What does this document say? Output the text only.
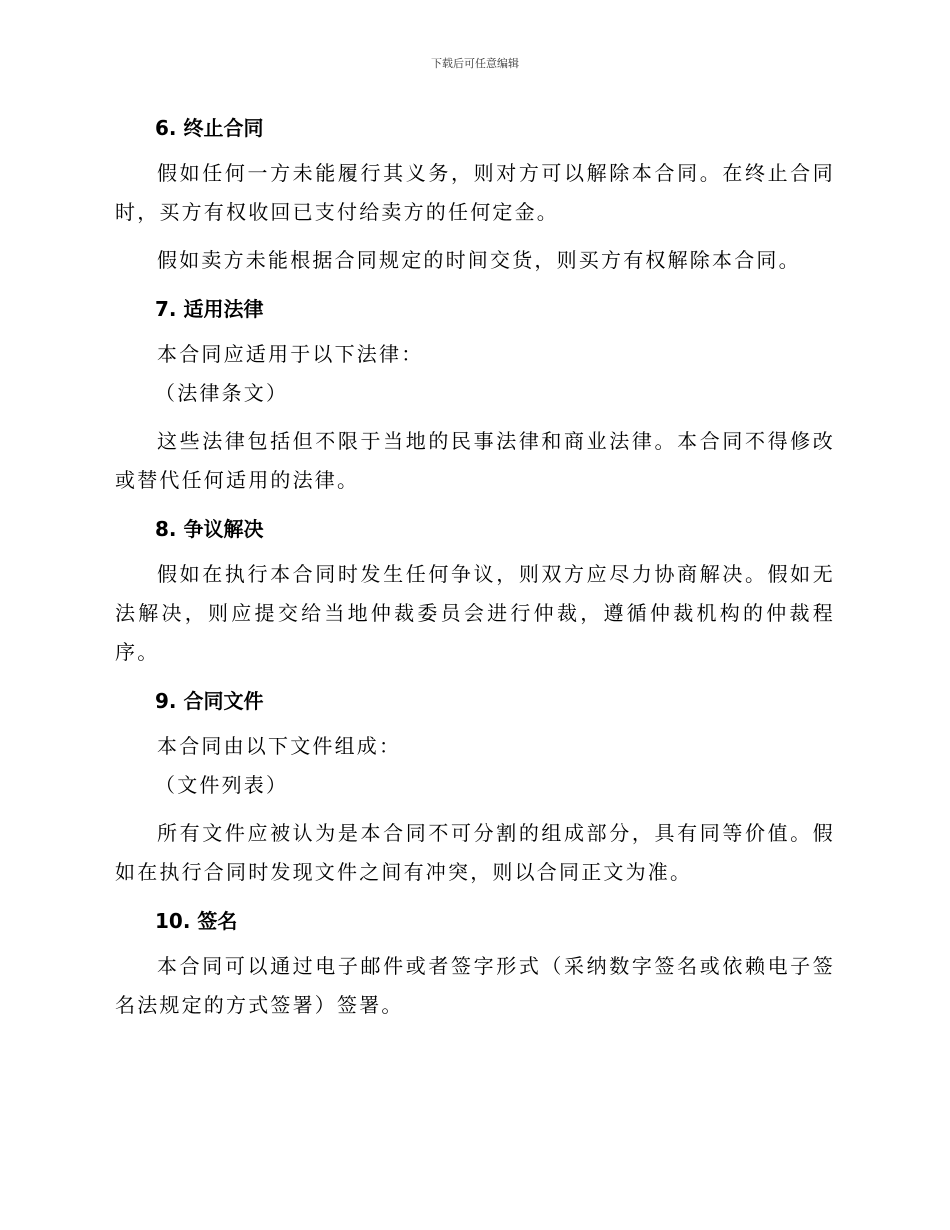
下载后可任意编辑
6. 终止合同

假如任何一方未能履行其义务，则对方可以解除本合同。在终止合同时，买方有权收回已支付给卖方的任何定金。

假如卖方未能根据合同规定的时间交货，则买方有权解除本合同。

7. 适用法律

本合同应适用于以下法律：

（法律条文）

这些法律包括但不限于当地的民事法律和商业法律。本合同不得修改或替代任何适用的法律。

8. 争议解决

假如在执行本合同时发生任何争议，则双方应尽力协商解决。假如无法解决，则应提交给当地仲裁委员会进行仲裁，遵循仲裁机构的仲裁程序。

9. 合同文件

本合同由以下文件组成：

（文件列表）

所有文件应被认为是本合同不可分割的组成部分，具有同等价值。假如在执行合同时发现文件之间有冲突，则以合同正文为准。

10. 签名

本合同可以通过电子邮件或者签字形式（采纳数字签名或依赖电子签名法规定的方式签署）签署。
